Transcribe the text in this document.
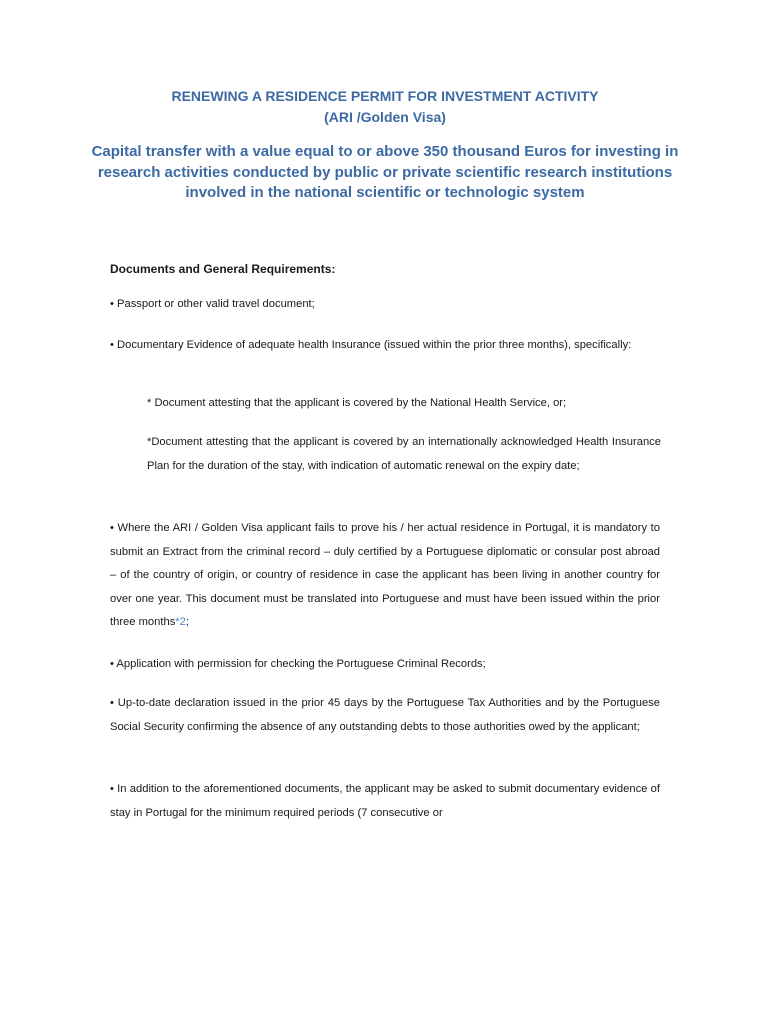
RENEWING A RESIDENCE PERMIT FOR INVESTMENT ACTIVITY
(ARI /Golden Visa)
Capital transfer with a value equal to or above 350 thousand Euros for investing in research activities conducted by public or private scientific research institutions involved in the national scientific or technologic system
Documents and General Requirements:
• Passport or other valid travel document;
• Documentary Evidence of adequate health Insurance (issued within the prior three months), specifically:
* Document attesting that the applicant is covered by the National Health Service, or;
*Document attesting that the applicant is covered by an internationally acknowledged Health Insurance Plan for the duration of the stay, with indication of automatic renewal on the expiry date;
• Where the ARI / Golden Visa applicant fails to prove his / her actual residence in Portugal, it is mandatory to submit an Extract from the criminal record – duly certified by a Portuguese diplomatic or consular post abroad – of the country of origin, or country of residence in case the applicant has been living in another country for over one year. This document must be translated into Portuguese and must have been issued within the prior three months*2;
• Application with permission for checking the Portuguese Criminal Records;
• Up-to-date declaration issued in the prior 45 days by the Portuguese Tax Authorities and by the Portuguese Social Security confirming the absence of any outstanding debts to those authorities owed by the applicant;
• In addition to the aforementioned documents, the applicant may be asked to submit documentary evidence of stay in Portugal for the minimum required periods (7 consecutive or
